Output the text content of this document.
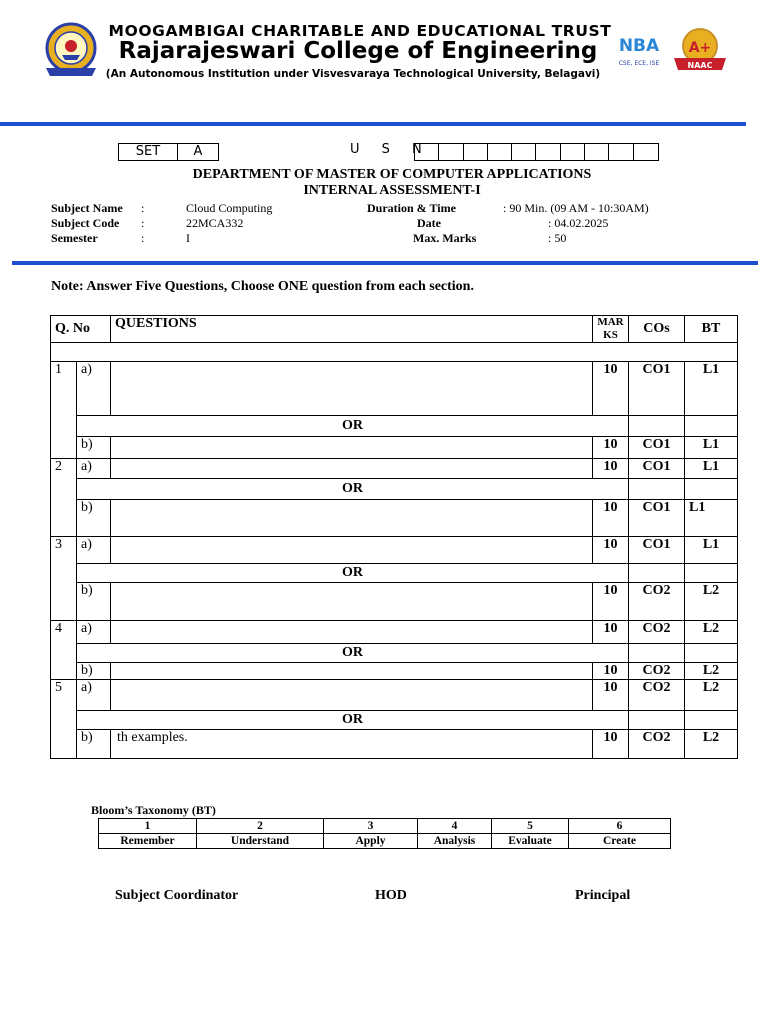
NBA
CSE, ECE, ISE
A+
NAAC
MOOGAMBIGAI CHARITABLE AND EDUCATIONAL TRUST
Rajarajeswari College of Engineering
(An Autonomous Institution under Visvesvaraya Technological University, Belagavi)
SET	A	U S N
DEPARTMENT OF MASTER OF COMPUTER APPLICATIONS
INTERNAL ASSESSMENT-I
Subject Name	:	Cloud Computing	Duration & Time	: 90 Min. (09 AM - 10:30AM)
Subject Code	:	22MCA332	Date	: 04.02.2025
Semester	:	I	Max. Marks	: 50
Note: Answer Five Questions, Choose ONE question from each section.
Q. No		QUESTIONS	MAR
KS	COs	BT

1	a)		10	CO1	L1
	OR				
	b)		10	CO1	L1
2	a)		10	CO1	L1
	OR				
	b)		10	CO1	L1
3	a)		10	CO1	L1
	OR				
	b)		10	CO2	L2
4	a)		10	CO2	L2
	OR				
	b)		10	CO2	L2
5	a)		10	CO2	L2
	OR				
	b)	th examples.	10	CO2	L2
Bloom’s Taxonomy (BT)
1	2	3	4	5	6
Remember	Understand	Apply	Analysis	Evaluate	Create
Subject Coordinator	HOD	Principal
